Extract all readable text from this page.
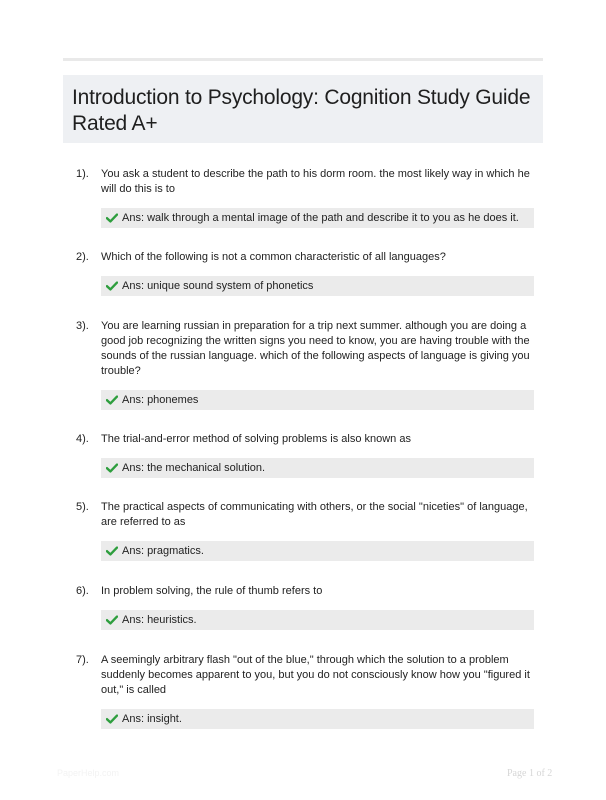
Introduction to Psychology: Cognition Study Guide Rated A+
1). You ask a student to describe the path to his dorm room. the most likely way in which he will do this is to
Ans: walk through a mental image of the path and describe it to you as he does it.
2). Which of the following is not a common characteristic of all languages?
Ans: unique sound system of phonetics
3). You are learning russian in preparation for a trip next summer. although you are doing a good job recognizing the written signs you need to know, you are having trouble with the sounds of the russian language. which of the following aspects of language is giving you trouble?
Ans: phonemes
4). The trial-and-error method of solving problems is also known as
Ans: the mechanical solution.
5). The practical aspects of communicating with others, or the social "niceties" of language, are referred to as
Ans: pragmatics.
6). In problem solving, the rule of thumb refers to
Ans: heuristics.
7). A seemingly arbitrary flash "out of the blue," through which the solution to a problem suddenly becomes apparent to you, but you do not consciously know how you "figured it out," is called
Ans: insight.
PaperHelp.com	Page 1 of 2
